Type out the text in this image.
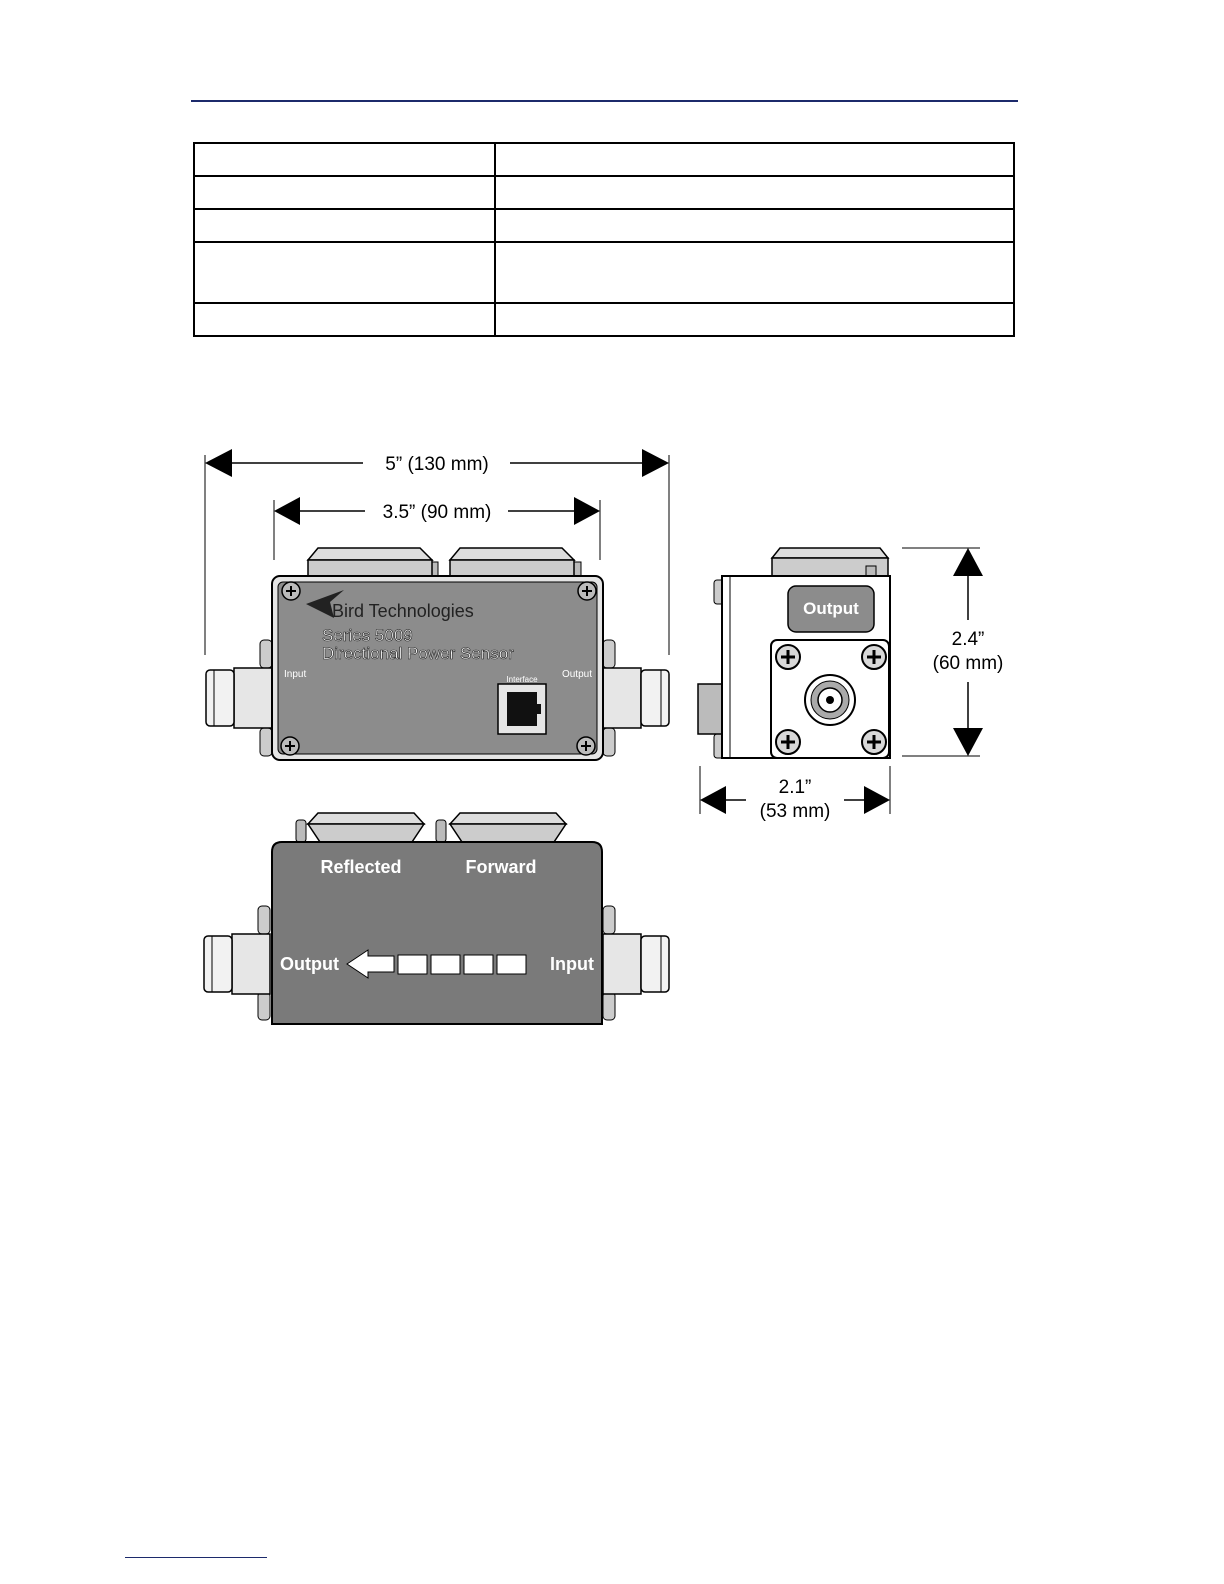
5” (130 mm)
3.5” (90 mm)
Bird Technologies
Series 5009
Directional Power Sensor
Input	Output
Interface
Output
2.4”
(60 mm)
2.1”
(53 mm)
Reflected	Forward
Output	Input
